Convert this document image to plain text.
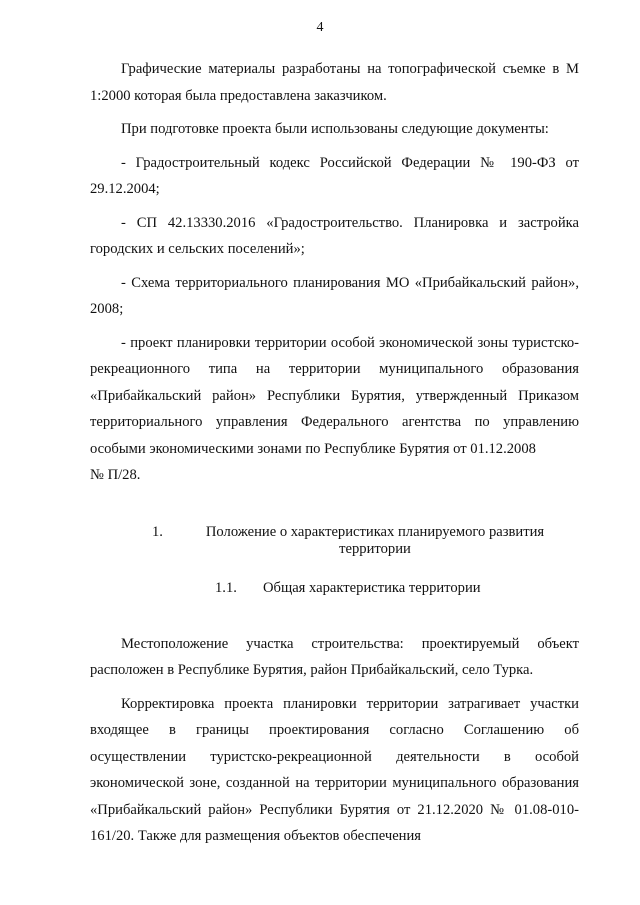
4

Графические материалы разработаны на топографической съемке в М 1:2000 которая была предоставлена заказчиком.

При подготовке проекта были использованы следующие документы:

- Градостроительный кодекс Российской Федерации № 190-ФЗ от 29.12.2004;

- СП 42.13330.2016 «Градостроительство. Планировка и застройка городских и сельских поселений»;

- Схема территориального планирования МО «Прибайкальский район», 2008;

- проект планировки территории особой экономической зоны туристско-рекреационного типа на территории муниципального образования «Прибайкальский район» Республики Бурятия, утвержденный Приказом территориального управления Федерального агентства по управлению особыми экономическими зонами по Республике Бурятия от 01.12.2008

№ П/28.

1.	Положение о характеристиках планируемого развития территории
1.1. Общая характеристика территории

Местоположение участка строительства: проектируемый объект расположен в Республике Бурятия, район Прибайкальский, село Турка.

Корректировка проекта планировки территории затрагивает участки входящее в границы проектирования согласно Соглашению об осуществлении туристско-рекреационной деятельности в особой экономической зоне, созданной на территории муниципального образования «Прибайкальский район» Республики Бурятия от 21.12.2020 № 01.08-010-161/20. Также для размещения объектов обеспечения
